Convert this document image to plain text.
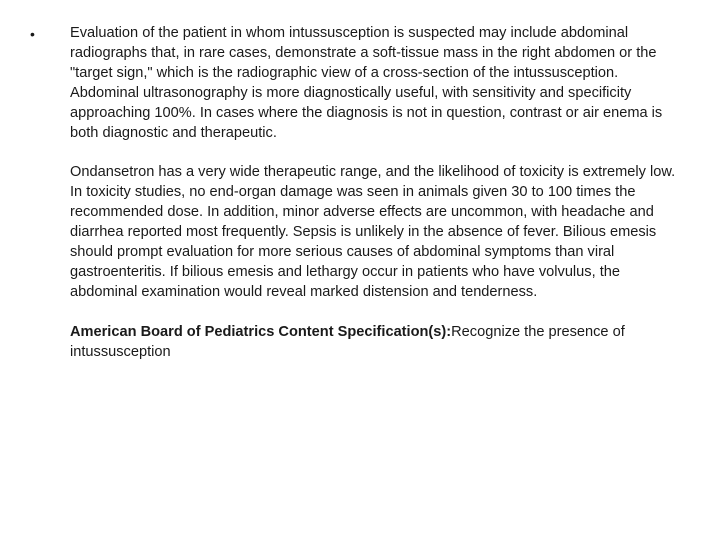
• Evaluation of the patient in whom intussusception is suspected may include abdominal radiographs that, in rare cases, demonstrate a soft-tissue mass in the right abdomen or the "target sign," which is the radiographic view of a cross-section of the intussusception. Abdominal ultrasonography is more diagnostically useful, with sensitivity and specificity approaching 100%. In cases where the diagnosis is not in question, contrast or air enema is both diagnostic and therapeutic.

Ondansetron has a very wide therapeutic range, and the likelihood of toxicity is extremely low. In toxicity studies, no end-organ damage was seen in animals given 30 to 100 times the recommended dose. In addition, minor adverse effects are uncommon, with headache and diarrhea reported most frequently. Sepsis is unlikely in the absence of fever. Bilious emesis should prompt evaluation for more serious causes of abdominal symptoms than viral gastroenteritis. If bilious emesis and lethargy occur in patients who have volvulus, the abdominal examination would reveal marked distension and tenderness.

American Board of Pediatrics Content Specification(s):Recognize the presence of intussusception
